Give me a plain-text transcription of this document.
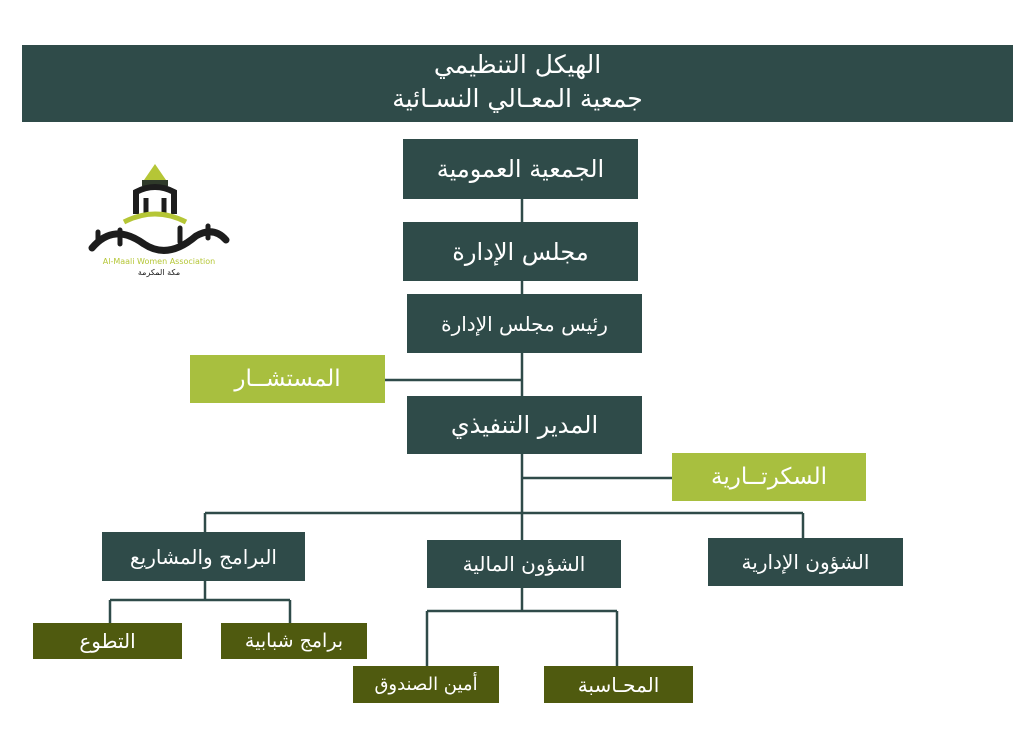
الهيكل التنظيمي
جمعية المعـالي النسـائية
Al-Maali Women Association
مكة المكرمة
الجمعية العمومية
مجلس الإدارة
رئيس مجلس الإدارة
المستشــار
المدير التنفيذي
السكرتــارية
البرامج والمشاريع	الشؤون المالية	الشؤون الإدارية
التطوع	برامج شبابية
أمين الصندوق	المحـاسبة
